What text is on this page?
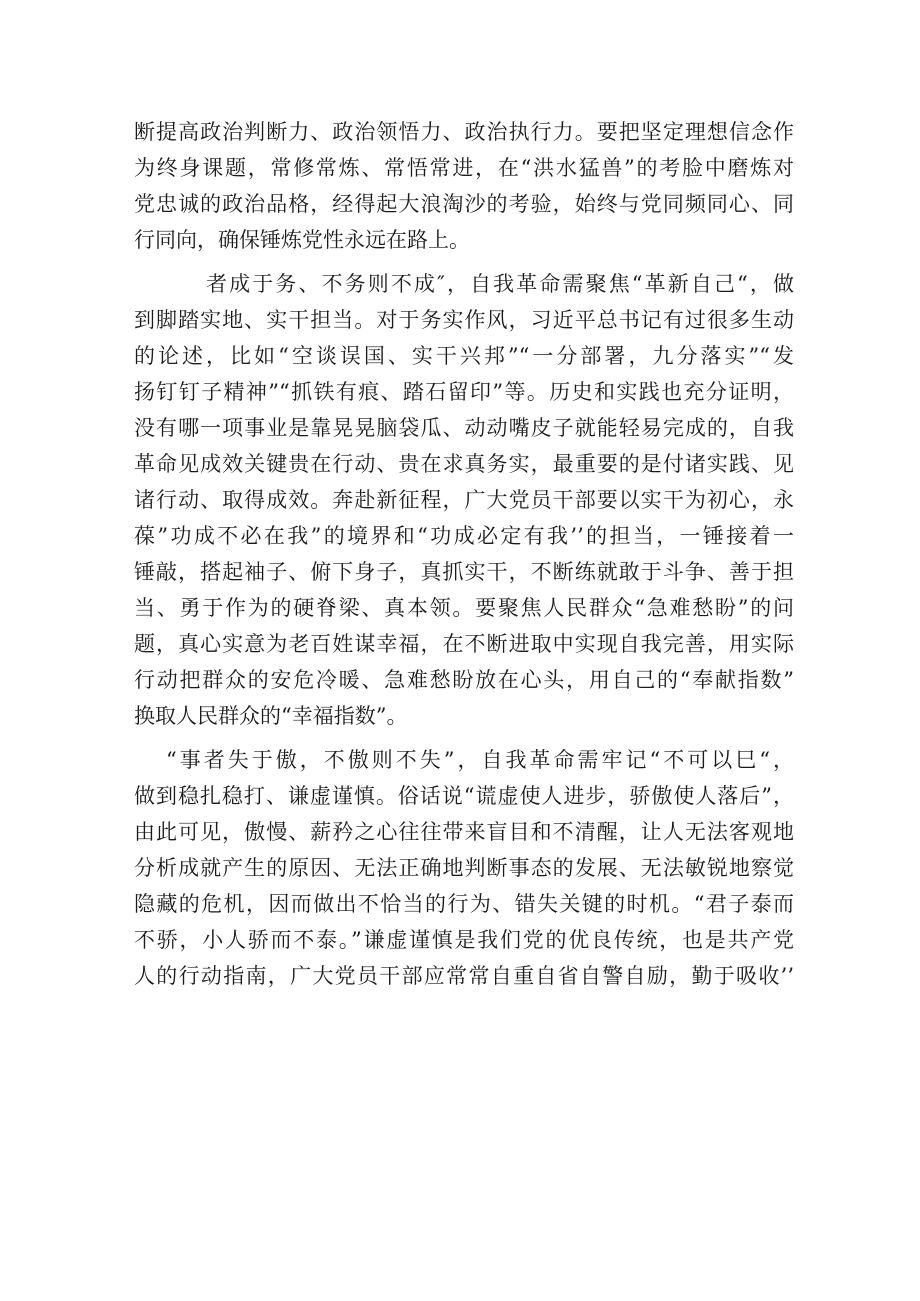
断提高政治判断力、政治领悟力、政治执行力。要把坚定理想信念作
为终身课题，常修常炼、常悟常进，在“洪水猛兽”的考脸中磨炼对
党忠诚的政治品格，经得起大浪淘沙的考验，始终与党同频同心、同
行同向，确保锤炼党性永远在路上。
者成于务、不务则不成″，自我革命需聚焦“革新自己“，做
到脚踏实地、实干担当。对于务实作风，习近平总书记有过很多生动
的论述，比如“空谈误国、实干兴邦”“一分部署，九分落实”“发
扬钉钉子精神”“抓铁有痕、踏石留印”等。历史和实践也充分证明，
没有哪一项事业是靠晃晃脑袋瓜、动动嘴皮子就能轻易完成的，自我
革命见成效关键贵在行动、贵在求真务实，最重要的是付诸实践、见
诸行动、取得成效。奔赴新征程，广大党员干部要以实干为初心，永
葆”功成不必在我”的境界和“功成必定有我’’的担当，一锤接着一
锤敲，搭起袖子、俯下身子，真抓实干，不断练就敢于斗争、善于担
当、勇于作为的硬脊梁、真本领。要聚焦人民群众“急难愁盼”的问
题，真心实意为老百姓谋幸福，在不断进取中实现自我完善，用实际
行动把群众的安危冷暖、急难愁盼放在心头，用自己的“奉献指数”
换取人民群众的“幸福指数”。
“事者失于傲，不傲则不失”，自我革命需牢记“不可以巳“，
做到稳扎稳打、谦虚谨慎。俗话说“谎虚使人进步，骄傲使人落后”，
由此可见，傲慢、薪矜之心往往带来盲目和不清醒，让人无法客观地
分析成就产生的原因、无法正确地判断事态的发展、无法敏锐地察觉
隐藏的危机，因而做出不恰当的行为、错失关键的时机。“君子泰而
不骄，小人骄而不泰。”谦虚谨慎是我们党的优良传统，也是共产党
人的行动指南，广大党员干部应常常自重自省自警自励，勤于吸收’’
